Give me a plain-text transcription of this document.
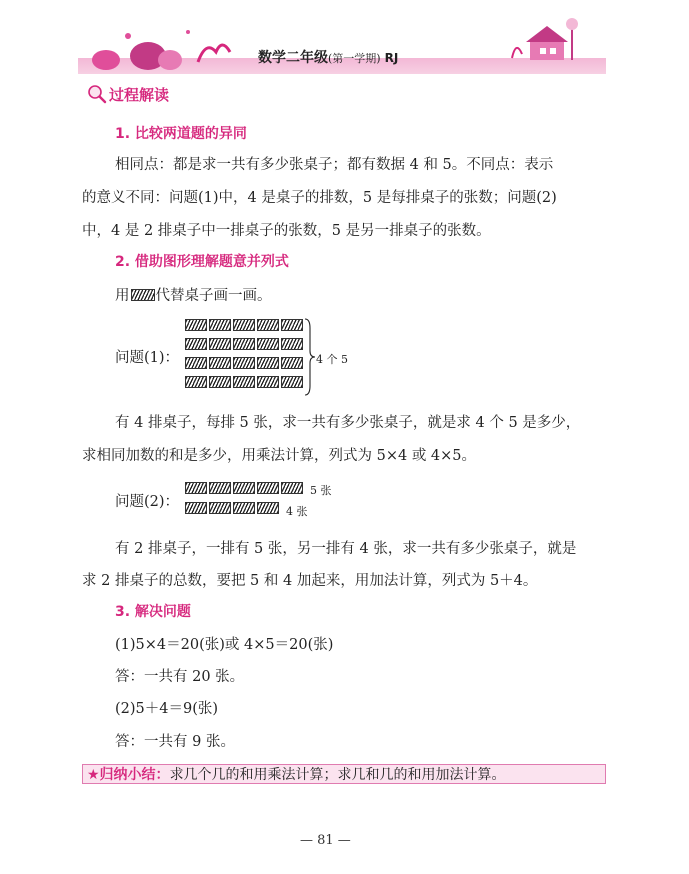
数学二年级(第一学期) RJ
过程解读
1. 比较两道题的异同
相同点：都是求一共有多少张桌子；都有数据 4 和 5。不同点：表示
的意义不同：问题(1)中，4 是桌子的排数，5 是每排桌子的张数；问题(2)
中，4 是 2 排桌子中一排桌子的张数，5 是另一排桌子的张数。
2. 借助图形理解题意并列式
用 代替桌子画一画。
问题(1)：	4 个 5
有 4 排桌子，每排 5 张，求一共有多少张桌子，就是求 4 个 5 是多少，
求相同加数的和是多少，用乘法计算，列式为 5×4 或 4×5。
问题(2)：
5 张
4 张
有 2 排桌子，一排有 5 张，另一排有 4 张，求一共有多少张桌子，就是
求 2 排桌子的总数，要把 5 和 4 加起来，用加法计算，列式为 5＋4。
3. 解决问题
(1)5×4＝20(张)或 4×5＝20(张)
答：一共有 20 张。
(2)5＋4＝9(张)
答：一共有 9 张。
★归纳小结： 求几个几的和用乘法计算；求几和几的和用加法计算。
— 81 —
